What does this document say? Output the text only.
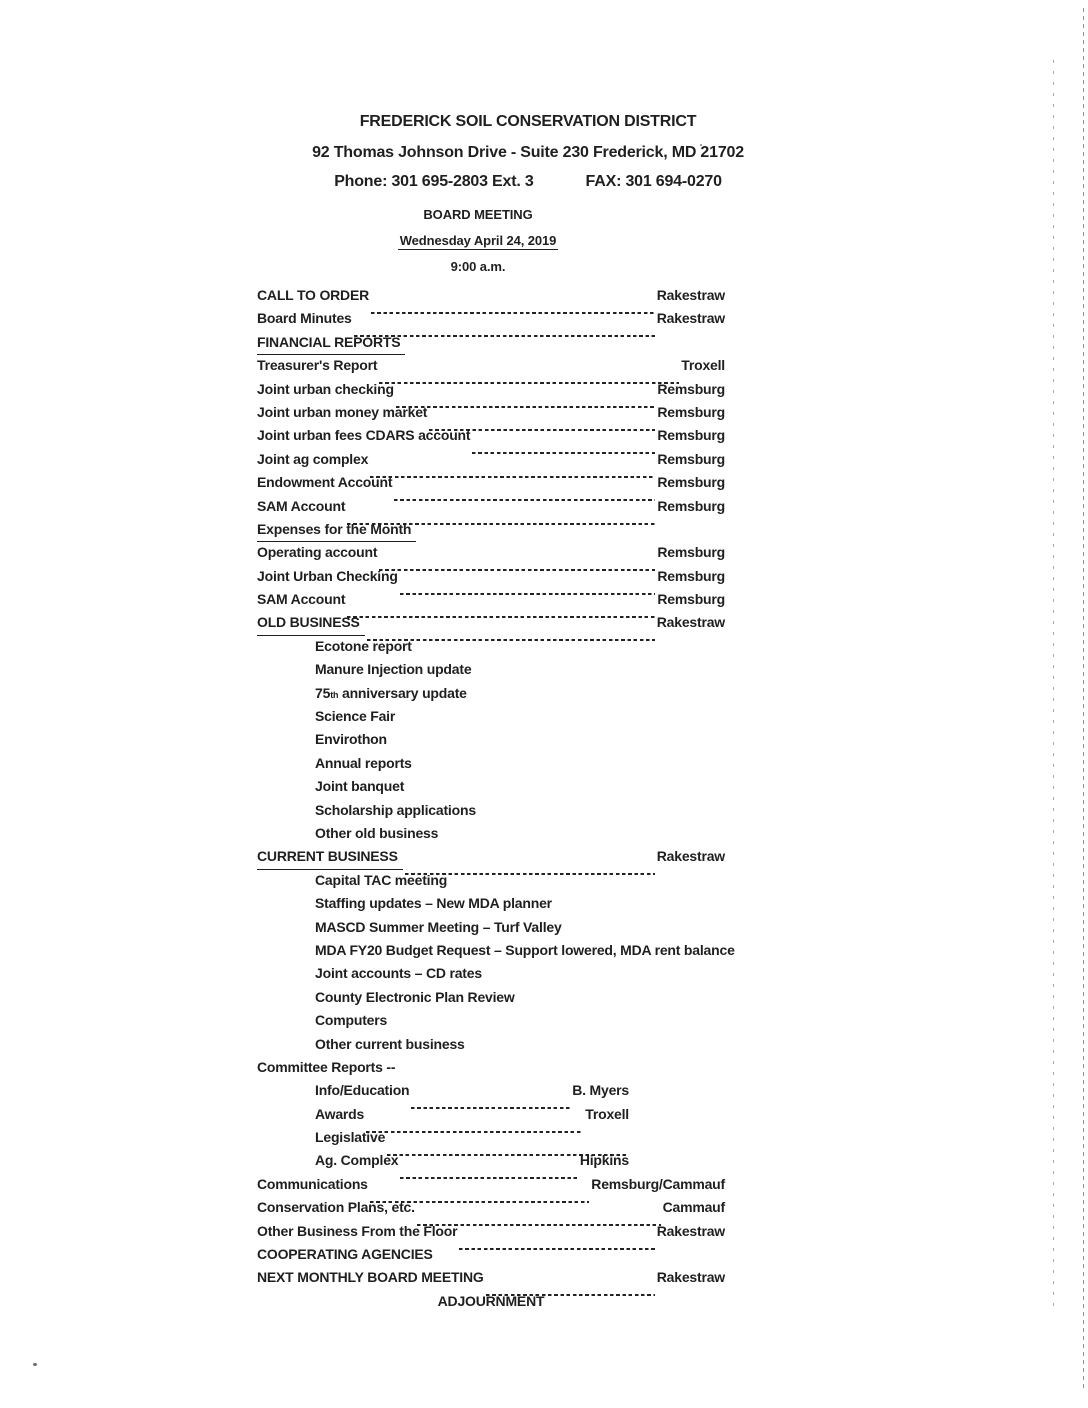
FREDERICK SOIL CONSERVATION DISTRICT
92 Thomas Johnson Drive - Suite 230 Frederick, MD 21702
Phone: 301 695-2803 Ext. 3	FAX: 301 694-0270
BOARD MEETING
Wednesday April 24, 2019
9:00 a.m.
CALL TO ORDER	Rakestraw
Board Minutes	Rakestraw
FINANCIAL REPORTS
Treasurer's Report	Troxell
Joint urban checking	Remsburg
Joint urban money market	Remsburg
Joint urban fees CDARS account	Remsburg
Joint ag complex	Remsburg
Endowment Account	Remsburg
SAM Account	Remsburg
Expenses for the Month
Operating account	Remsburg
Joint Urban Checking	Remsburg
SAM Account	Remsburg
OLD BUSINESS	Rakestraw
Ecotone report
Manure Injection update
75 th anniversary update
Science Fair
Envirothon
Annual reports
Joint banquet
Scholarship applications
Other old business
CURRENT BUSINESS	Rakestraw
Capital TAC meeting
Staffing updates – New MDA planner
MASCD Summer Meeting – Turf Valley
MDA FY20 Budget Request – Support lowered, MDA rent balance
Joint accounts – CD rates
County Electronic Plan Review
Computers
Other current business
Committee Reports --
Info/Education	B. Myers
Awards	Troxell
Legislative
Ag. Complex	Hipkins
Communications	Remsburg/Cammauf
Conservation Plans, etc.	Cammauf
Other Business From the Floor	Rakestraw
COOPERATING AGENCIES
NEXT MONTHLY BOARD MEETING	Rakestraw
ADJOURNMENT
